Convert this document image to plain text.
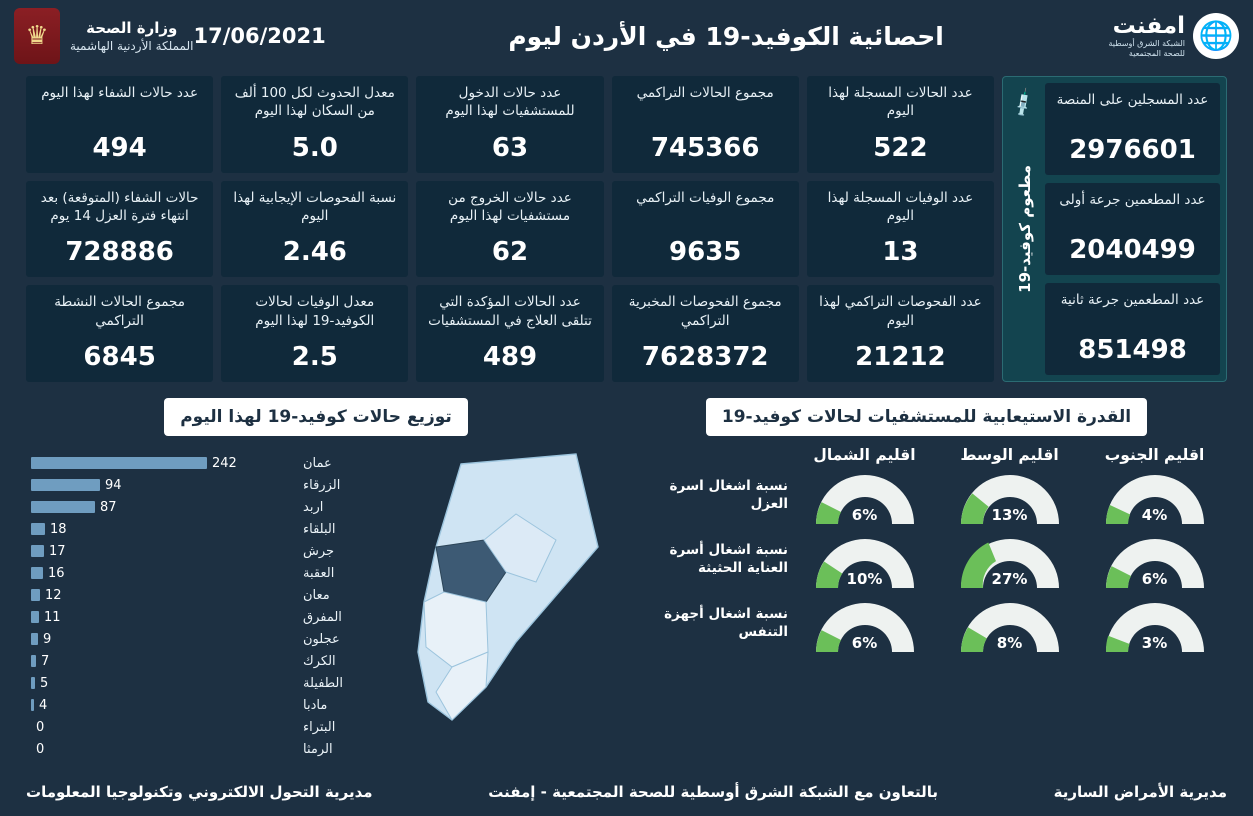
🌐
امفنت
الشبكة الشرق أوسطية
للصحة المجتمعية
احصائية الكوفيد-19 في الأردن ليوم
17/06/2021
وزارة الصحة
المملكة الأردنية الهاشمية
♛
عدد المسجلين على المنصة
2976601
عدد المطعمين جرعة أولى
2040499
عدد المطعمين جرعة ثانية
851498
💉
مطعوم كوفيد-19
عدد الحالات المسجلة لهذا اليوم
522
مجموع الحالات التراكمي
745366
عدد حالات الدخول للمستشفيات لهذا اليوم
63
معدل الحدوث لكل 100 ألف من السكان لهذا اليوم
5.0
عدد حالات الشفاء لهذا اليوم
494
عدد الوفيات المسجلة لهذا اليوم
13
مجموع الوفيات التراكمي
9635
عدد حالات الخروج من مستشفيات لهذا اليوم
62
نسبة الفحوصات الإيجابية لهذا اليوم
2.46
حالات الشفاء (المتوقعة) بعد انتهاء فترة العزل 14 يوم
728886
عدد الفحوصات التراكمي لهذا اليوم
21212
مجموع الفحوصات المخبرية التراكمي
7628372
عدد الحالات المؤكدة التي تتلقى العلاج في المستشفيات
489
معدل الوفيات لحالات الكوفيد-19 لهذا اليوم
2.5
مجموع الحالات النشطة التراكمي
6845
القدرة الاستيعابية للمستشفيات لحالات كوفيد-19
اقليم الجنوب
اقليم الوسط
اقليم الشمال
4%
13%
6%
نسبة اشغال اسرة العزل
6%
27%
10%
نسبة اشغال أسرة العناية الحثيثة
3%
8%
6%
نسبة اشغال أجهزة التنفس
توزيع حالات كوفيد-19 لهذا اليوم
عمان
242
الزرقاء
94
اربد
87
البلقاء
18
جرش
17
العقبة
16
معان
12
المفرق
11
عجلون
9
الكرك
7
الطفيلة
5
مادبا
4
البتراء
0
الرمثا
0
مديرية الأمراض السارية
بالتعاون مع الشبكة الشرق أوسطية للصحة المجتمعية - إمفنت
مديرية التحول الالكتروني وتكنولوجيا المعلومات
